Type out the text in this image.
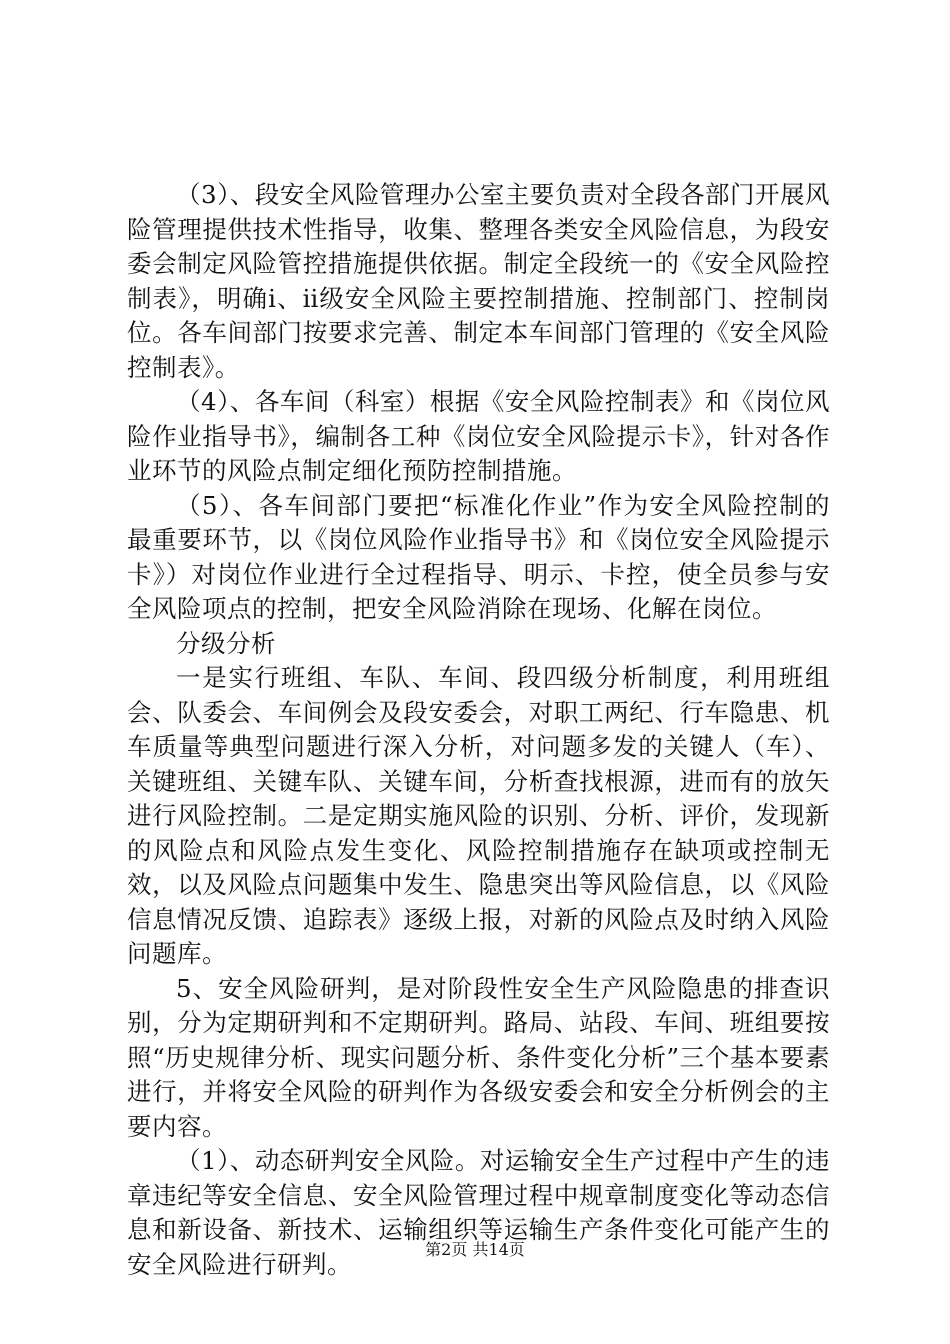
（3）、段安全风险管理办公室主要负责对全段各部门开展风险管理提供技术性指导，收集、整理各类安全风险信息，为段安委会制定风险管控措施提供依据。制定全段统一的《安全风险控制表》，明确ⅰ、ⅱ级安全风险主要控制措施、控制部门、控制岗位。各车间部门按要求完善、制定本车间部门管理的《安全风险控制表》。

（4）、各车间（科室）根据《安全风险控制表》和《岗位风险作业指导书》，编制各工种《岗位安全风险提示卡》，针对各作业环节的风险点制定细化预防控制措施。

（5）、各车间部门要把“标准化作业”作为安全风险控制的最重要环节，以《岗位风险作业指导书》和《岗位安全风险提示卡》）对岗位作业进行全过程指导、明示、卡控，使全员参与安全风险项点的控制，把安全风险消除在现场、化解在岗位。

分级分析

一是实行班组、车队、车间、段四级分析制度，利用班组会、队委会、车间例会及段安委会，对职工两纪、行车隐患、机车质量等典型问题进行深入分析，对问题多发的关键人（车）、关键班组、关键车队、关键车间，分析查找根源，进而有的放矢进行风险控制。二是定期实施风险的识别、分析、评价，发现新的风险点和风险点发生变化、风险控制措施存在缺项或控制无效，以及风险点问题集中发生、隐患突出等风险信息，以《风险信息情况反馈、追踪表》逐级上报，对新的风险点及时纳入风险问题库。

5、安全风险研判，是对阶段性安全生产风险隐患的排查识别，分为定期研判和不定期研判。路局、站段、车间、班组要按照“历史规律分析、现实问题分析、条件变化分析”三个基本要素进行，并将安全风险的研判作为各级安委会和安全分析例会的主要内容。

（1）、动态研判安全风险。对运输安全生产过程中产生的违章违纪等安全信息、安全风险管理过程中规章制度变化等动态信息和新设备、新技术、运输组织等运输生产条件变化可能产生的安全风险进行研判。	第2页 共14页
